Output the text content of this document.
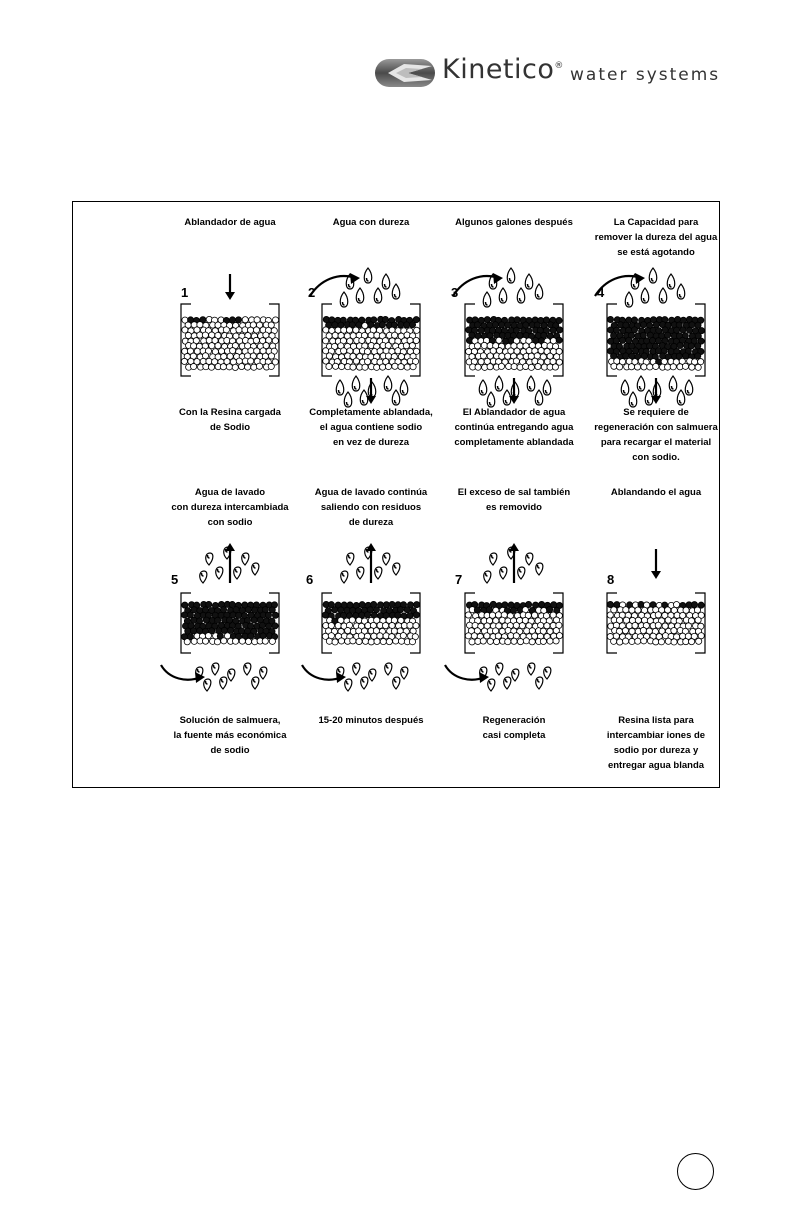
Kinetico® water systems
Ablandador de agua
1
Con la Resina cargada
de Sodio
Agua con dureza
2
Completamente ablandada,
el agua contiene sodio
en vez de dureza
Algunos galones después
3
El Ablandador de agua
continúa entregando agua
completamente ablandada
La Capacidad para
remover la dureza del agua
se está agotando
4
Se requiere de
regeneración con salmuera
para recargar el material
con sodio.
Agua de lavado
con dureza intercambiada
con sodio
5
Solución de salmuera,
la fuente más económica
de sodio
Agua de lavado continúa
saliendo con residuos
de dureza
6
15-20 minutos después
El exceso de sal también
es removido
7
Regeneración
casi completa
Ablandando el agua
8
Resina lista para
intercambiar iones de
sodio por dureza y
entregar agua blanda
